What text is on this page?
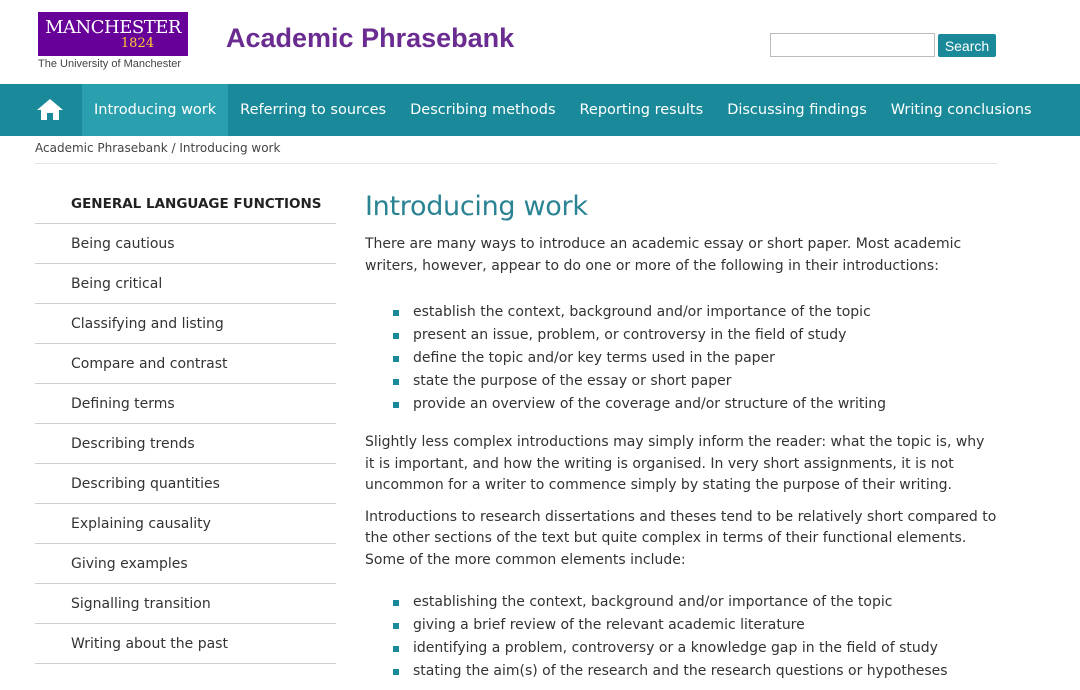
MANCHESTER
1824
The University of Manchester
Academic Phrasebank	Search
Introducing work	Referring to sources	Describing methods	Reporting results	Discussing findings	Writing conclusions
Academic Phrasebank / Introducing work
GENERAL LANGUAGE FUNCTIONS
Being cautious
Being critical
Classifying and listing
Compare and contrast
Defining terms
Describing trends
Describing quantities
Explaining causality
Giving examples
Signalling transition
Writing about the past
Introducing work

There are many ways to introduce an academic essay or short paper. Most academic writers, however, appear to do one or more of the following in their introductions:

establish the context, background and/or importance of the topic
present an issue, problem, or controversy in the field of study
define the topic and/or key terms used in the paper
state the purpose of the essay or short paper
provide an overview of the coverage and/or structure of the writing

Slightly less complex introductions may simply inform the reader: what the topic is, why it is important, and how the writing is organised. In very short assignments, it is not uncommon for a writer to commence simply by stating the purpose of their writing.

Introductions to research dissertations and theses tend to be relatively short compared to the other sections of the text but quite complex in terms of their functional elements. Some of the more common elements include:

establishing the context, background and/or importance of the topic
giving a brief review of the relevant academic literature
identifying a problem, controversy or a knowledge gap in the field of study
stating the aim(s) of the research and the research questions or hypotheses
